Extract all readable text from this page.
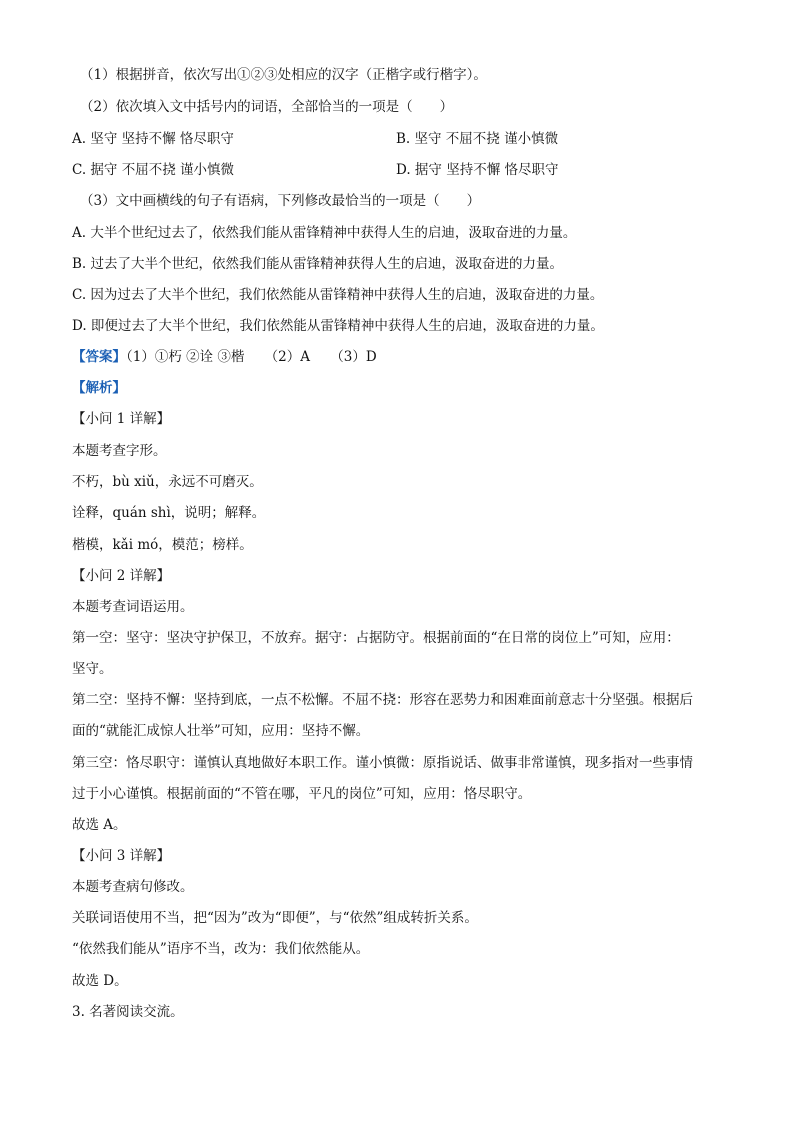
（1）根据拼音，依次写出①②③处相应的汉字（正楷字或行楷字）。
（2）依次填入文中括号内的词语，全部恰当的一项是（　　）
A. 坚守 坚持不懈 恪尽职守	B. 坚守 不屈不挠 谨小慎微
C. 据守 不屈不挠 谨小慎微	D. 据守 坚持不懈 恪尽职守
（3）文中画横线的句子有语病，下列修改最恰当的一项是（　　）
A. 大半个世纪过去了，依然我们能从雷锋精神中获得人生的启迪，汲取奋进的力量。
B. 过去了大半个世纪，依然我们能从雷锋精神获得人生的启迪，汲取奋进的力量。
C. 因为过去了大半个世纪，我们依然能从雷锋精神中获得人生的启迪，汲取奋进的力量。
D. 即便过去了大半个世纪，我们依然能从雷锋精神中获得人生的启迪，汲取奋进的力量。
【答案】（1）①朽 ②诠 ③楷　　（2）A　　（3）D
【解析】
【小问 1 详解】
本题考查字形。
不朽，bù xiǔ，永远不可磨灭。
诠释，quán shì，说明；解释。
楷模，kǎi mó，模范；榜样。
【小问 2 详解】
本题考查词语运用。
第一空：坚守：坚决守护保卫，不放弃。据守：占据防守。根据前面的“在日常的岗位上”可知，应用：
坚守。
第二空：坚持不懈：坚持到底，一点不松懈。不屈不挠：形容在恶势力和困难面前意志十分坚强。根据后
面的“就能汇成惊人壮举”可知，应用：坚持不懈。
第三空：恪尽职守：谨慎认真地做好本职工作。谨小慎微：原指说话、做事非常谨慎，现多指对一些事情
过于小心谨慎。根据前面的“不管在哪，平凡的岗位”可知，应用：恪尽职守。
故选 A。
【小问 3 详解】
本题考查病句修改。
关联词语使用不当，把“因为”改为“即便”，与“依然”组成转折关系。
“依然我们能从”语序不当，改为：我们依然能从。
故选 D。
3. 名著阅读交流。
